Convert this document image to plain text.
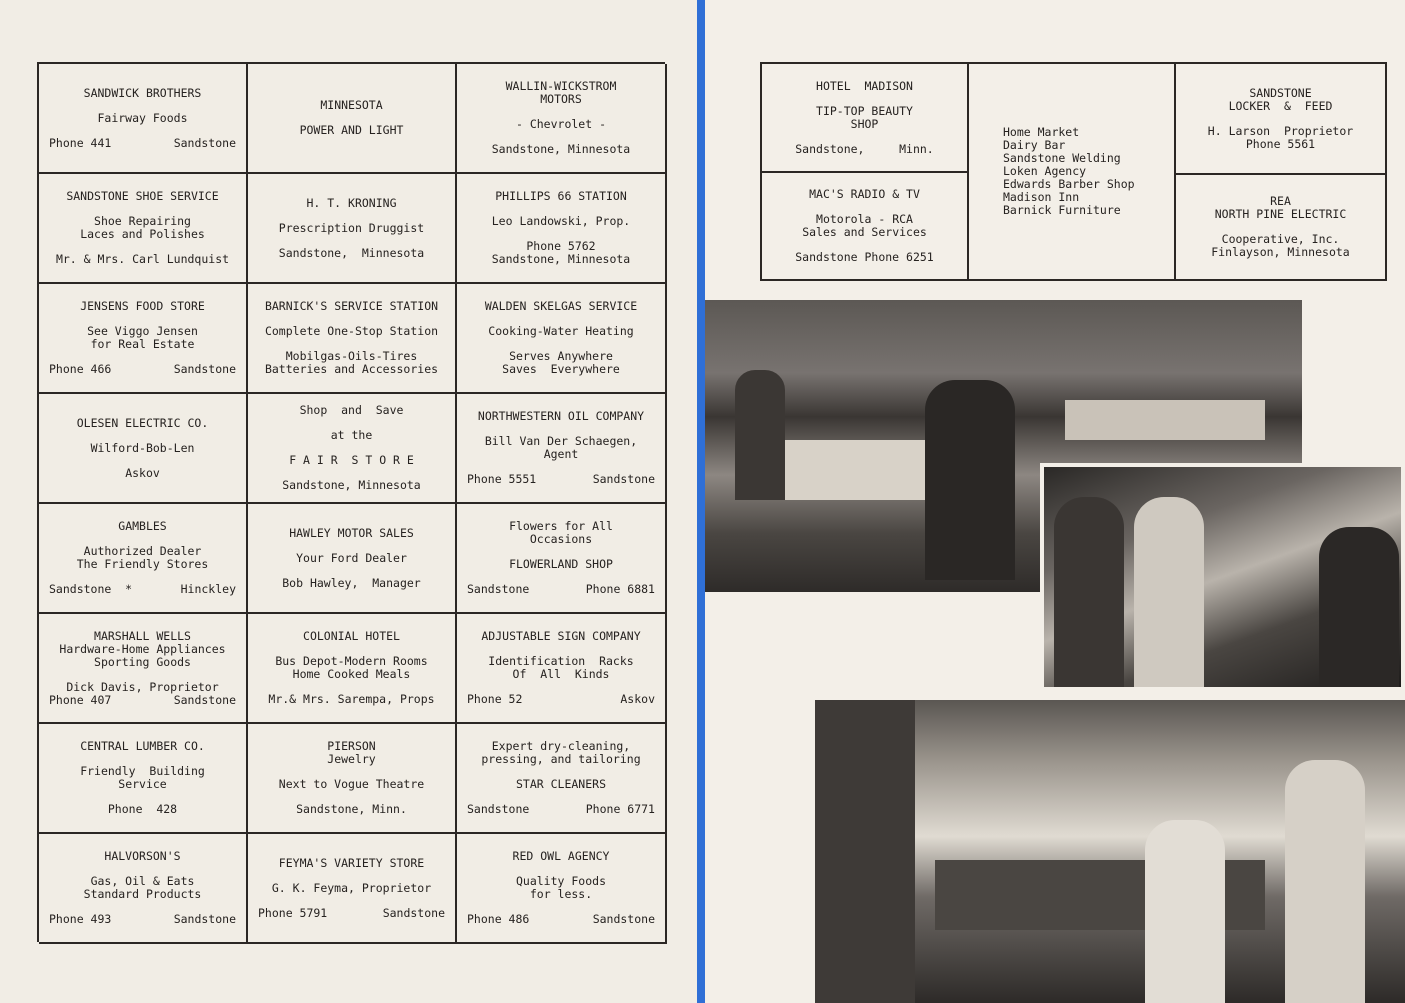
SANDWICK BROTHERS
Fairway Foods
Phone 441	Sandstone
MINNESOTA
POWER AND LIGHT
WALLIN-WICKSTROM
MOTORS
- Chevrolet -
Sandstone, Minnesota
SANDSTONE SHOE SERVICE
Shoe Repairing
Laces and Polishes
Mr. & Mrs. Carl Lundquist
H. T. KRONING
Prescription Druggist
Sandstone,  Minnesota
PHILLIPS 66 STATION
Leo Landowski, Prop.
Phone 5762
Sandstone, Minnesota
JENSENS FOOD STORE
See Viggo Jensen
for Real Estate
Phone 466	Sandstone
BARNICK'S SERVICE STATION
Complete One-Stop Station
Mobilgas-Oils-Tires
Batteries and Accessories
WALDEN SKELGAS SERVICE
Cooking-Water Heating
Serves Anywhere
Saves  Everywhere
OLESEN ELECTRIC CO.
Wilford-Bob-Len
Askov
Shop  and  Save
at the
F A I R  S T O R E
Sandstone, Minnesota
NORTHWESTERN OIL COMPANY
Bill Van Der Schaegen,
Agent
Phone 5551	Sandstone
GAMBLES
Authorized Dealer
The Friendly Stores
Sandstone  *	Hinckley
HAWLEY MOTOR SALES
Your Ford Dealer
Bob Hawley,  Manager
Flowers for All
Occasions
FLOWERLAND SHOP
Sandstone	Phone 6881
MARSHALL WELLS
Hardware-Home Appliances
Sporting Goods
Dick Davis, Proprietor
Phone 407	Sandstone
COLONIAL HOTEL
Bus Depot-Modern Rooms
Home Cooked Meals
Mr.& Mrs. Sarempa, Props
ADJUSTABLE SIGN COMPANY
Identification  Racks
Of  All  Kinds
Phone 52	Askov
CENTRAL LUMBER CO.
Friendly  Building
Service
Phone  428
PIERSON
Jewelry
Next to Vogue Theatre
Sandstone, Minn.
Expert dry-cleaning,
pressing, and tailoring
STAR CLEANERS
Sandstone	Phone 6771
HALVORSON'S
Gas, Oil & Eats
Standard Products
Phone 493	Sandstone
FEYMA'S VARIETY STORE
G. K. Feyma, Proprietor
Phone 5791	Sandstone
RED OWL AGENCY
Quality Foods
for less.
Phone 486	Sandstone
HOTEL  MADISON
TIP-TOP BEAUTY
SHOP
Sandstone,     Minn.
MAC'S RADIO & TV
Motorola - RCA
Sales and Services
Sandstone Phone 6251
Home Market
Dairy Bar
Sandstone Welding
Loken Agency
Edwards Barber Shop
Madison Inn
Barnick Furniture
SANDSTONE
LOCKER  &  FEED
H. Larson  Proprietor
Phone 5561
REA
NORTH PINE ELECTRIC
Cooperative, Inc.
Finlayson, Minnesota
